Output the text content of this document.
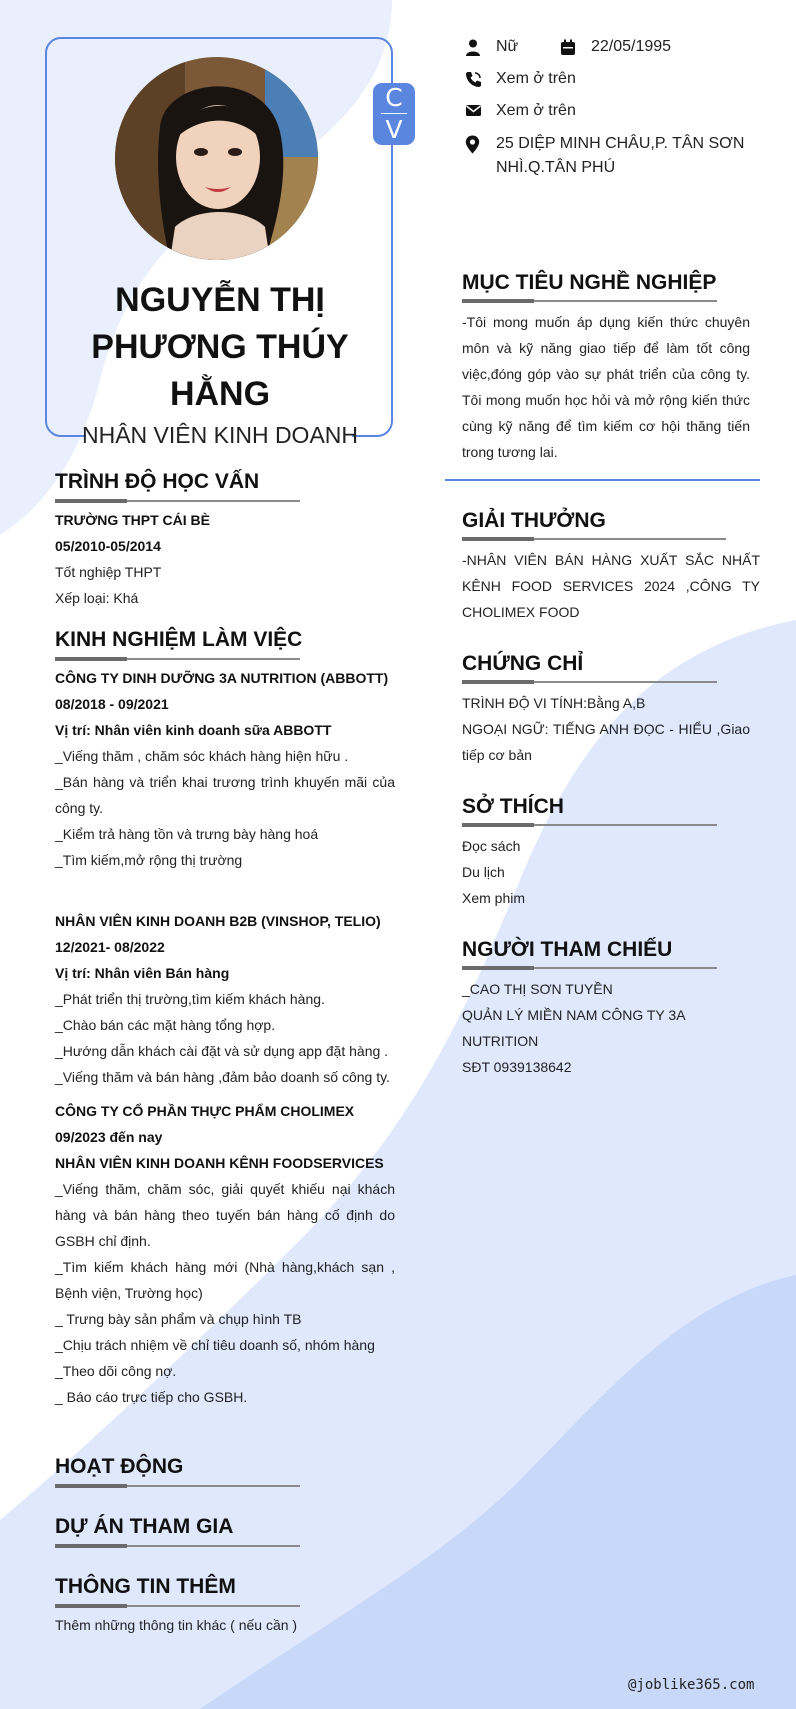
C
V
NGUYỄN THỊ
PHƯƠNG THÚY
HẰNG
NHÂN VIÊN KINH DOANH
Nữ	22/05/1995
Xem ở trên
Xem ở trên
25 DIỆP MINH CHÂU,P. TÂN SƠN
NHÌ.Q.TÂN PHÚ
TRÌNH ĐỘ HỌC VẤN
TRƯỜNG THPT CÁI BÈ
05/2010-05/2014
Tốt nghiệp THPT
Xếp loại: Khá
KINH NGHIỆM LÀM VIỆC
CÔNG TY DINH DƯỠNG 3A NUTRITION (ABBOTT)
08/2018 - 09/2021
Vị trí: Nhân viên kinh doanh sữa ABBOTT
_Viếng thăm , chăm sóc khách hàng hiện hữu .
_Bán hàng và triển khai trương trình khuyến mãi của công ty.
_Kiểm trả hàng tồn và trưng bày hàng hoá
_Tìm kiếm,mở rộng thị trường
NHÂN VIÊN KINH DOANH B2B (VINSHOP, TELIO)
12/2021- 08/2022
Vị trí: Nhân viên Bán hàng
_Phát triển thị trường,tìm kiếm khách hàng.
_Chào bán các mặt hàng tổng hợp.
_Hướng dẫn khách cài đặt và sử dụng app đặt hàng .
_Viếng thăm và bán hàng ,đảm bảo doanh số công ty.
CÔNG TY CỔ PHẦN THỰC PHẨM CHOLIMEX
09/2023 đến nay
NHÂN VIÊN KINH DOANH KÊNH FOODSERVICES
_Viếng thăm, chăm sóc, giải quyết khiếu nại khách hàng và bán hàng theo tuyến bán hàng cố định do GSBH chỉ định.
_Tìm kiếm khách hàng mới (Nhà hàng,khách sạn , Bệnh viện, Trường học)
_ Trưng bày sản phẩm và chụp hình TB
_Chịu trách nhiệm về chỉ tiêu doanh số, nhóm hàng
_Theo dõi công nợ.
_ Báo cáo trực tiếp cho GSBH.
HOẠT ĐỘNG
DỰ ÁN THAM GIA
THÔNG TIN THÊM
Thêm những thông tin khác ( nếu cần )
MỤC TIÊU NGHỀ NGHIỆP
-Tôi mong muốn áp dụng kiến thức chuyên môn và kỹ năng giao tiếp để làm tốt công việc,đóng góp vào sự phát triển của công ty. Tôi mong muốn học hỏi và mở rộng kiến thức cùng kỹ năng để tìm kiếm cơ hội thăng tiến trong tương lai.
GIẢI THƯỞNG
-NHÂN VIÊN BÁN HÀNG XUẤT SẮC NHẤT KÊNH FOOD SERVICES 2024 ,CÔNG TY CHOLIMEX FOOD
CHỨNG CHỈ
TRÌNH ĐỘ VI TÍNH:Bằng A,B
NGOẠI NGỮ: TIẾNG ANH ĐỌC - HIỂU ,Giao tiếp cơ bản
SỞ THÍCH
Đọc sách
Du lịch
Xem phim
NGƯỜI THAM CHIẾU
_CAO THỊ SƠN TUYỀN
QUẢN LÝ MIỀN NAM CÔNG TY 3A NUTRITION
SĐT 0939138642
@joblike365.com
